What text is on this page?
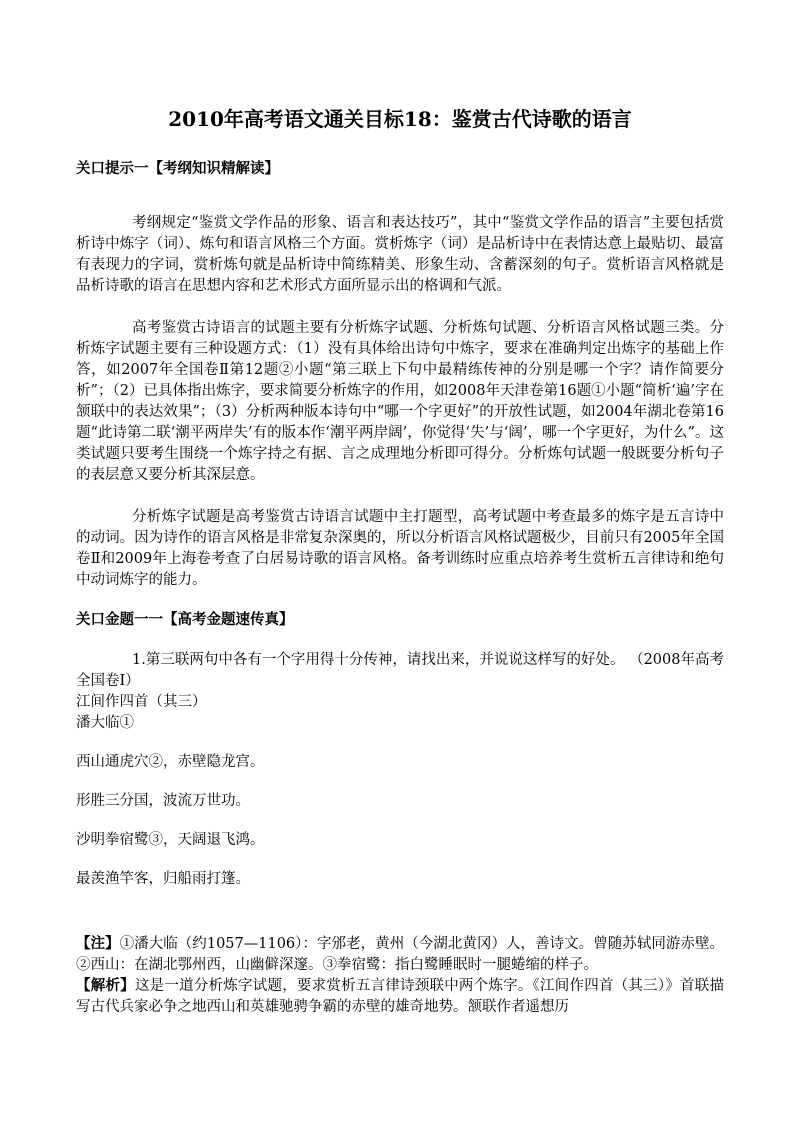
2010年高考语文通关目标18：鉴赏古代诗歌的语言
关口提示一【考纲知识精解读】
考纲规定“鉴赏文学作品的形象、语言和表达技巧”，其中“鉴赏文学作品的语言”主要包括赏析诗中炼字（词）、炼句和语言风格三个方面。赏析炼字（词）是品析诗中在表情达意上最贴切、最富有表现力的字词，赏析炼句就是品析诗中简练精美、形象生动、含蓄深刻的句子。赏析语言风格就是品析诗歌的语言在思想内容和艺术形式方面所显示出的格调和气派。
高考鉴赏古诗语言的试题主要有分析炼字试题、分析炼句试题、分析语言风格试题三类。分析炼字试题主要有三种设题方式：（1）没有具体给出诗句中炼字，要求在准确判定出炼字的基础上作答，如2007年全国卷Ⅱ第12题②小题“第三联上下句中最精练传神的分别是哪一个字？请作简要分析”；（2）已具体指出炼字，要求简要分析炼字的作用，如2008年天津卷第16题①小题“简析‘遍’字在颔联中的表达效果”；（3）分析两种版本诗句中“哪一个字更好”的开放性试题，如2004年湖北卷第16题“此诗第二联‘潮平两岸失’有的版本作‘潮平两岸阔’，你觉得‘失’与‘阔’，哪一个字更好，为什么”。这类试题只要考生围绕一个炼字持之有据、言之成理地分析即可得分。分析炼句试题一般既要分析句子的表层意又要分析其深层意。
分析炼字试题是高考鉴赏古诗语言试题中主打题型，高考试题中考查最多的炼字是五言诗中的动词。因为诗作的语言风格是非常复杂深奥的，所以分析语言风格试题极少，目前只有2005年全国卷Ⅱ和2009年上海卷考查了白居易诗歌的语言风格。备考训练时应重点培养考生赏析五言律诗和绝句中动词炼字的能力。
关口金题一一【高考金题速传真】
1.第三联两句中各有一个字用得十分传神，请找出来，并说说这样写的好处。 （2008年高考全国卷Ⅰ）
江间作四首（其三）
潘大临①
西山通虎穴②，赤壁隐龙宫。
形胜三分国，波流万世功。
沙明拳宿鹭③，天阔退飞鸿。
最羡渔竿客，归船雨打篷。
【注】①潘大临（约1057—1106）：字邠老，黄州（今湖北黄冈）人，善诗文。曾随苏轼同游赤壁。②西山：在湖北鄂州西，山幽僻深邃。③拳宿鹭：指白鹭睡眠时一腿蜷缩的样子。
【解析】这是一道分析炼字试题，要求赏析五言律诗颈联中两个炼字。《江间作四首（其三）》首联描写古代兵家必争之地西山和英雄驰骋争霸的赤壁的雄奇地势。颔联作者遥想历
